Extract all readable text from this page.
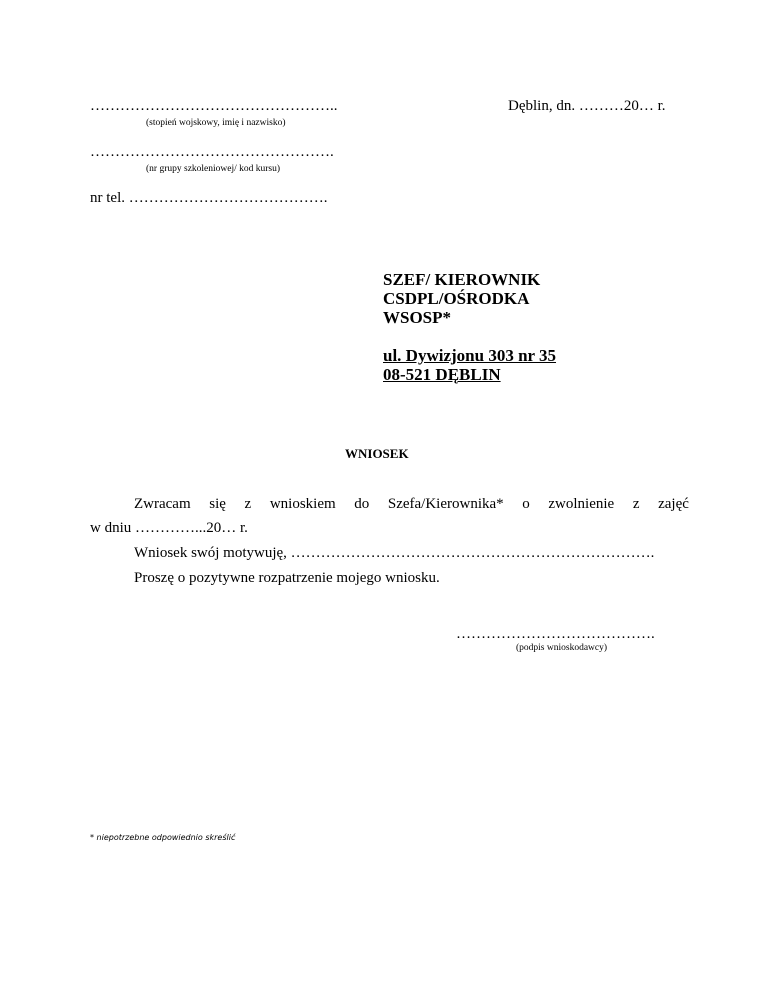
…………………………………………..
(stopień wojskowy, imię i nazwisko)
Dęblin, dn. ………20… r.
………………………………………….
(nr grupy szkoleniowej/ kod kursu)
nr tel. ………………………………….
SZEF/ KIEROWNIK
CSDPL/OŚRODKA
WSOSP*
ul. Dywizjonu 303 nr 35
08-521 DĘBLIN
WNIOSEK
Zwracam się z wnioskiem do Szefa/Kierownika* o zwolnienie z zajęć
w dniu …………...20… r.
Wniosek swój motywuję, ……………………………………………………………….
Proszę o pozytywne rozpatrzenie mojego wniosku.
………………………………….
(podpis wnioskodawcy)
* niepotrzebne odpowiednio skreślić
